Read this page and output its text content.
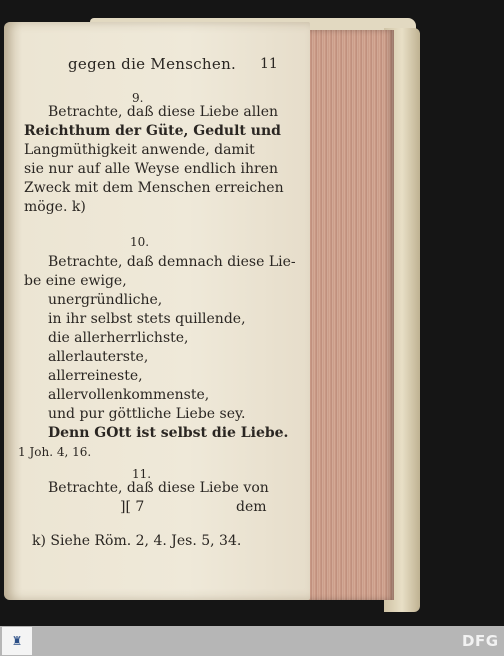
gegen die Menschen. 11
9.
Betrachte, daß diese Liebe allen
Reichthum der Güte, Gedult und
Langmüthigkeit anwende, damit
sie nur auf alle Weyse endlich ihren
Zweck mit dem Menschen erreichen
möge. k)
10.
Betrachte, daß demnach diese Lie-
be eine ewige,
unergründliche,
in ihr selbst stets quillende,
die allerherrlichste,
allerlauterste,
allerreineste,
allervollenkommenste,
und pur göttliche Liebe sey.
Denn GOtt ist selbst die Liebe.
1 Joh. 4, 16.
11.
Betrachte, daß diese Liebe von
][ 7	dem
k) Siehe Röm. 2, 4. Jes. 5, 34.
♜	DFG
